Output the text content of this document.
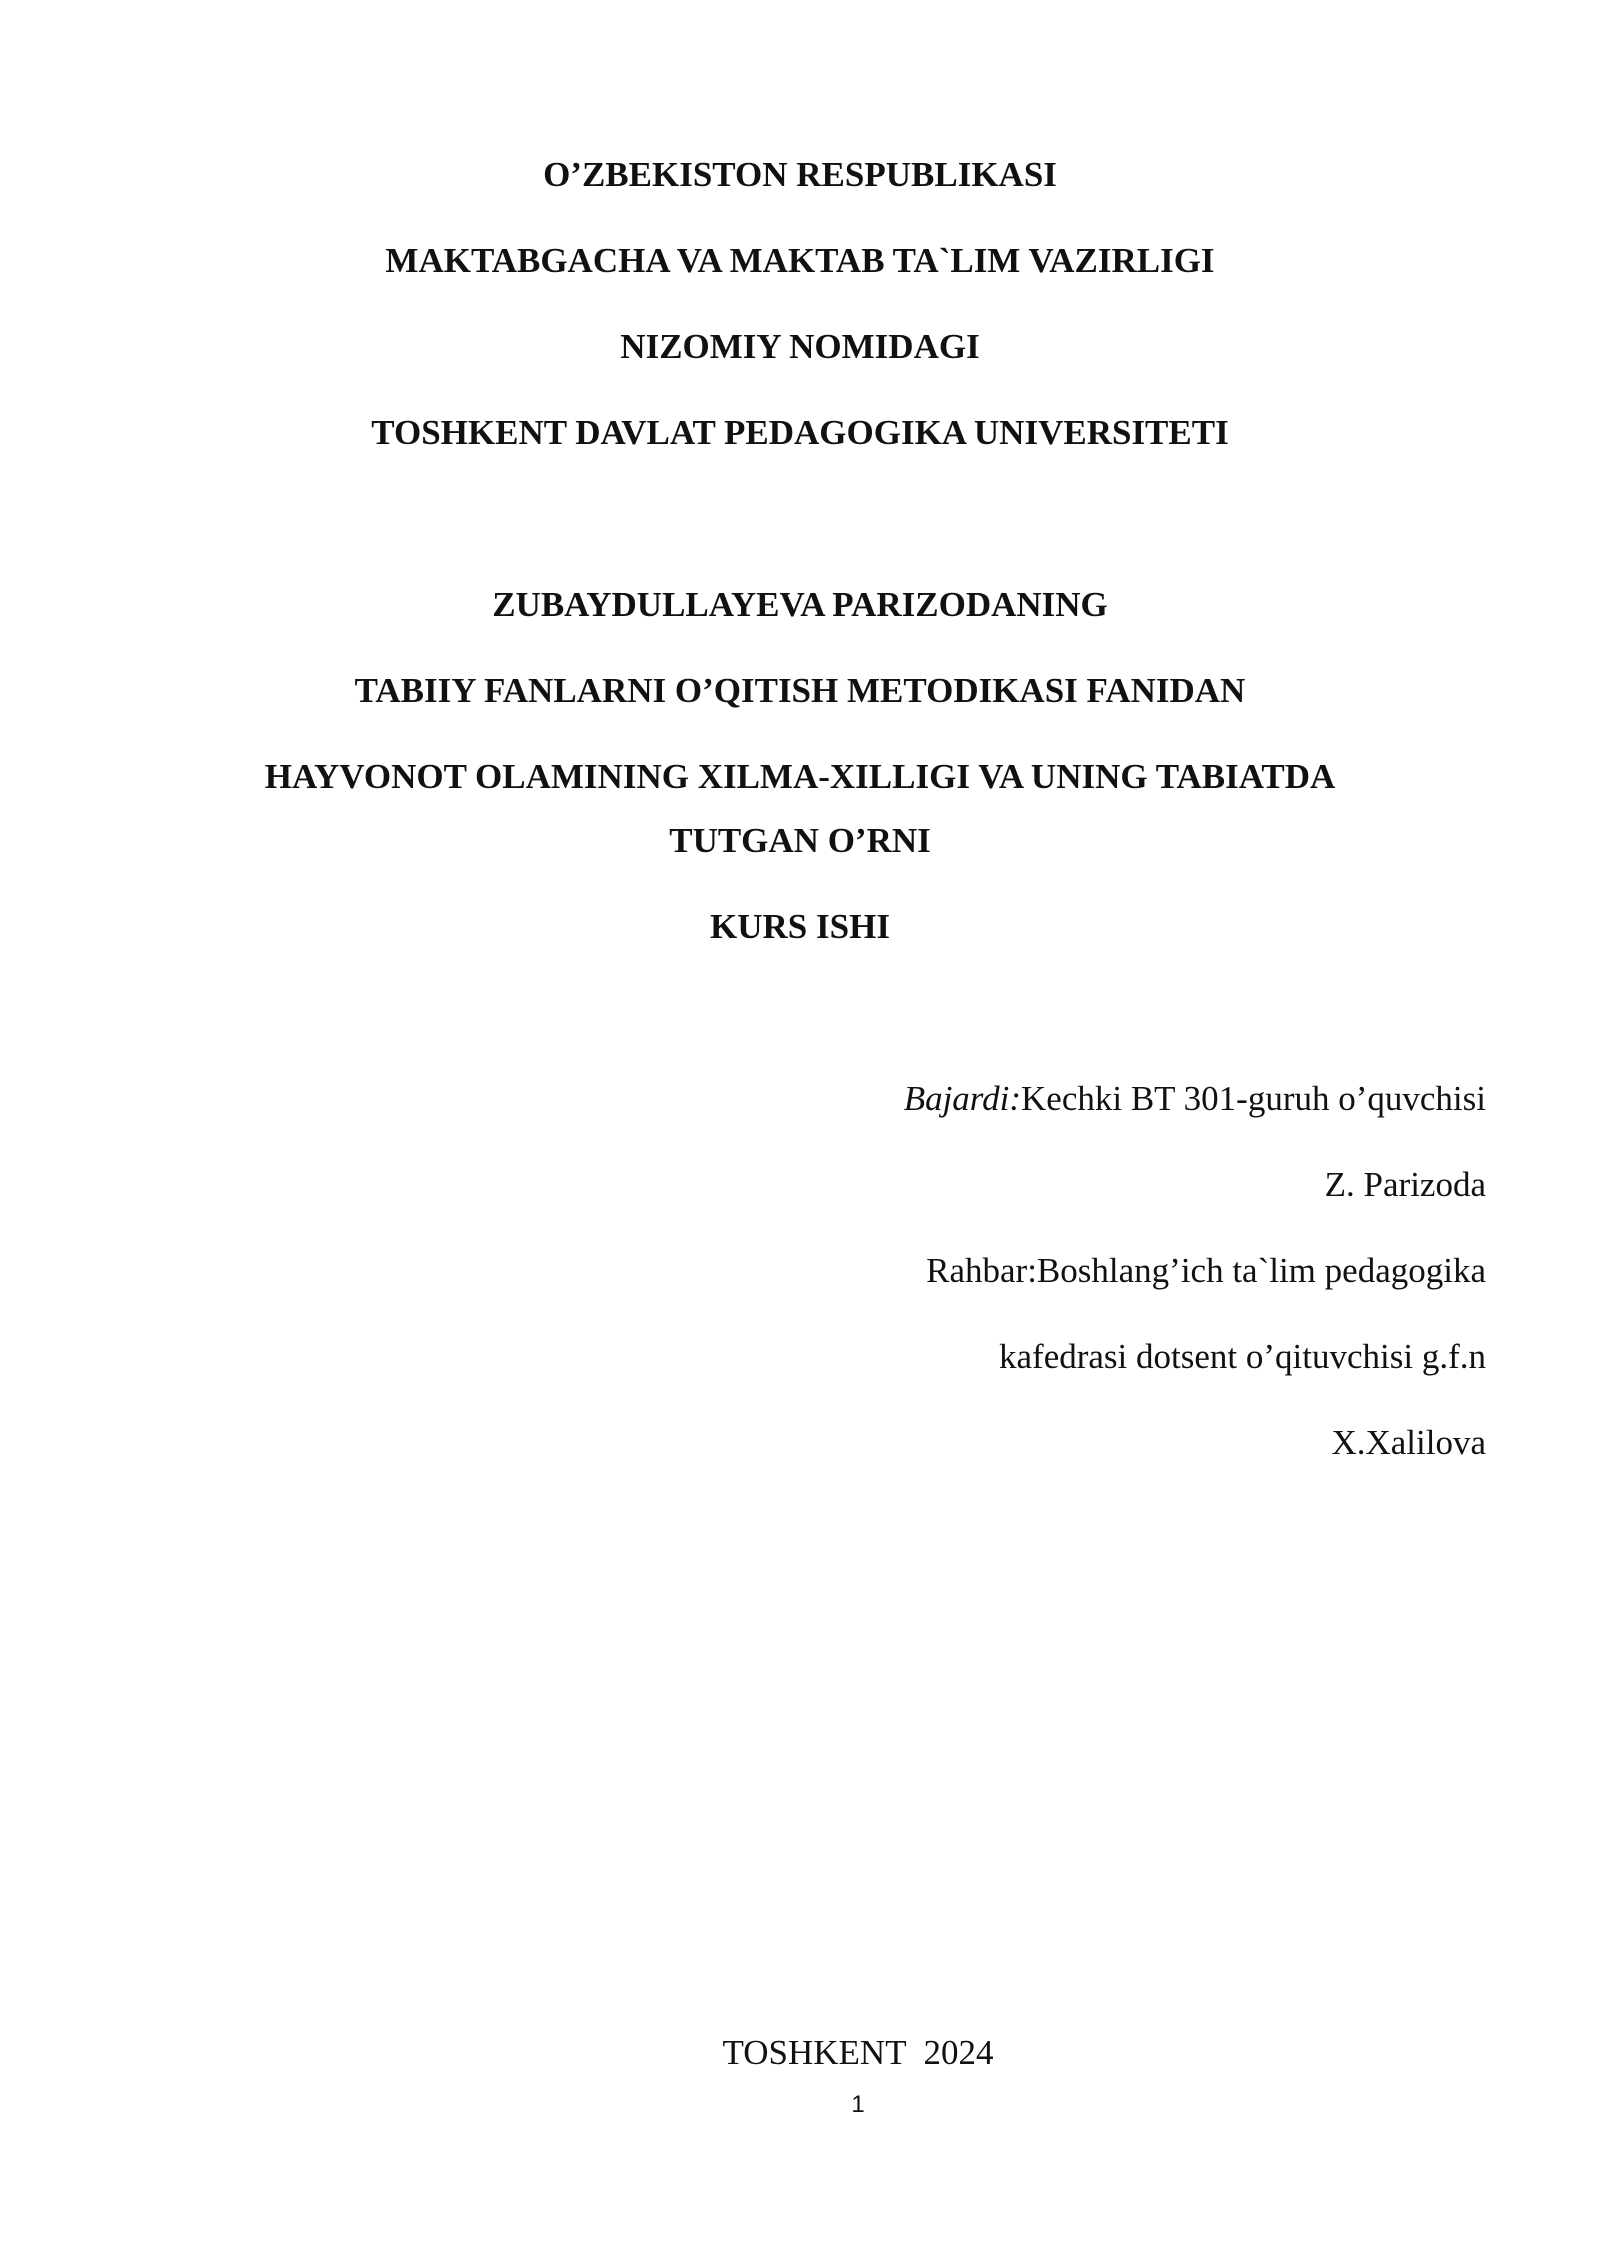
O’ZBEKISTON RESPUBLIKASI
MAKTABGACHA VA MAKTAB TA`LIM VAZIRLIGI
NIZOMIY NOMIDAGI
TOSHKENT DAVLAT PEDAGOGIKA UNIVERSITETI
ZUBAYDULLAYEVA PARIZODANING
TABIIY FANLARNI O’QITISH METODIKASI FANIDAN
HAYVONOT OLAMINING XILMA-XILLIGI VA UNING TABIATDA
TUTGAN O’RNI
KURS ISHI
Bajardi:Kechki BT 301-guruh o’quvchisi
Z. Parizoda
Rahbar:Boshlang’ich ta`lim pedagogika
kafedrasi dotsent o’qituvchisi g.f.n
X.Xalilova
TOSHKENT  2024
1
